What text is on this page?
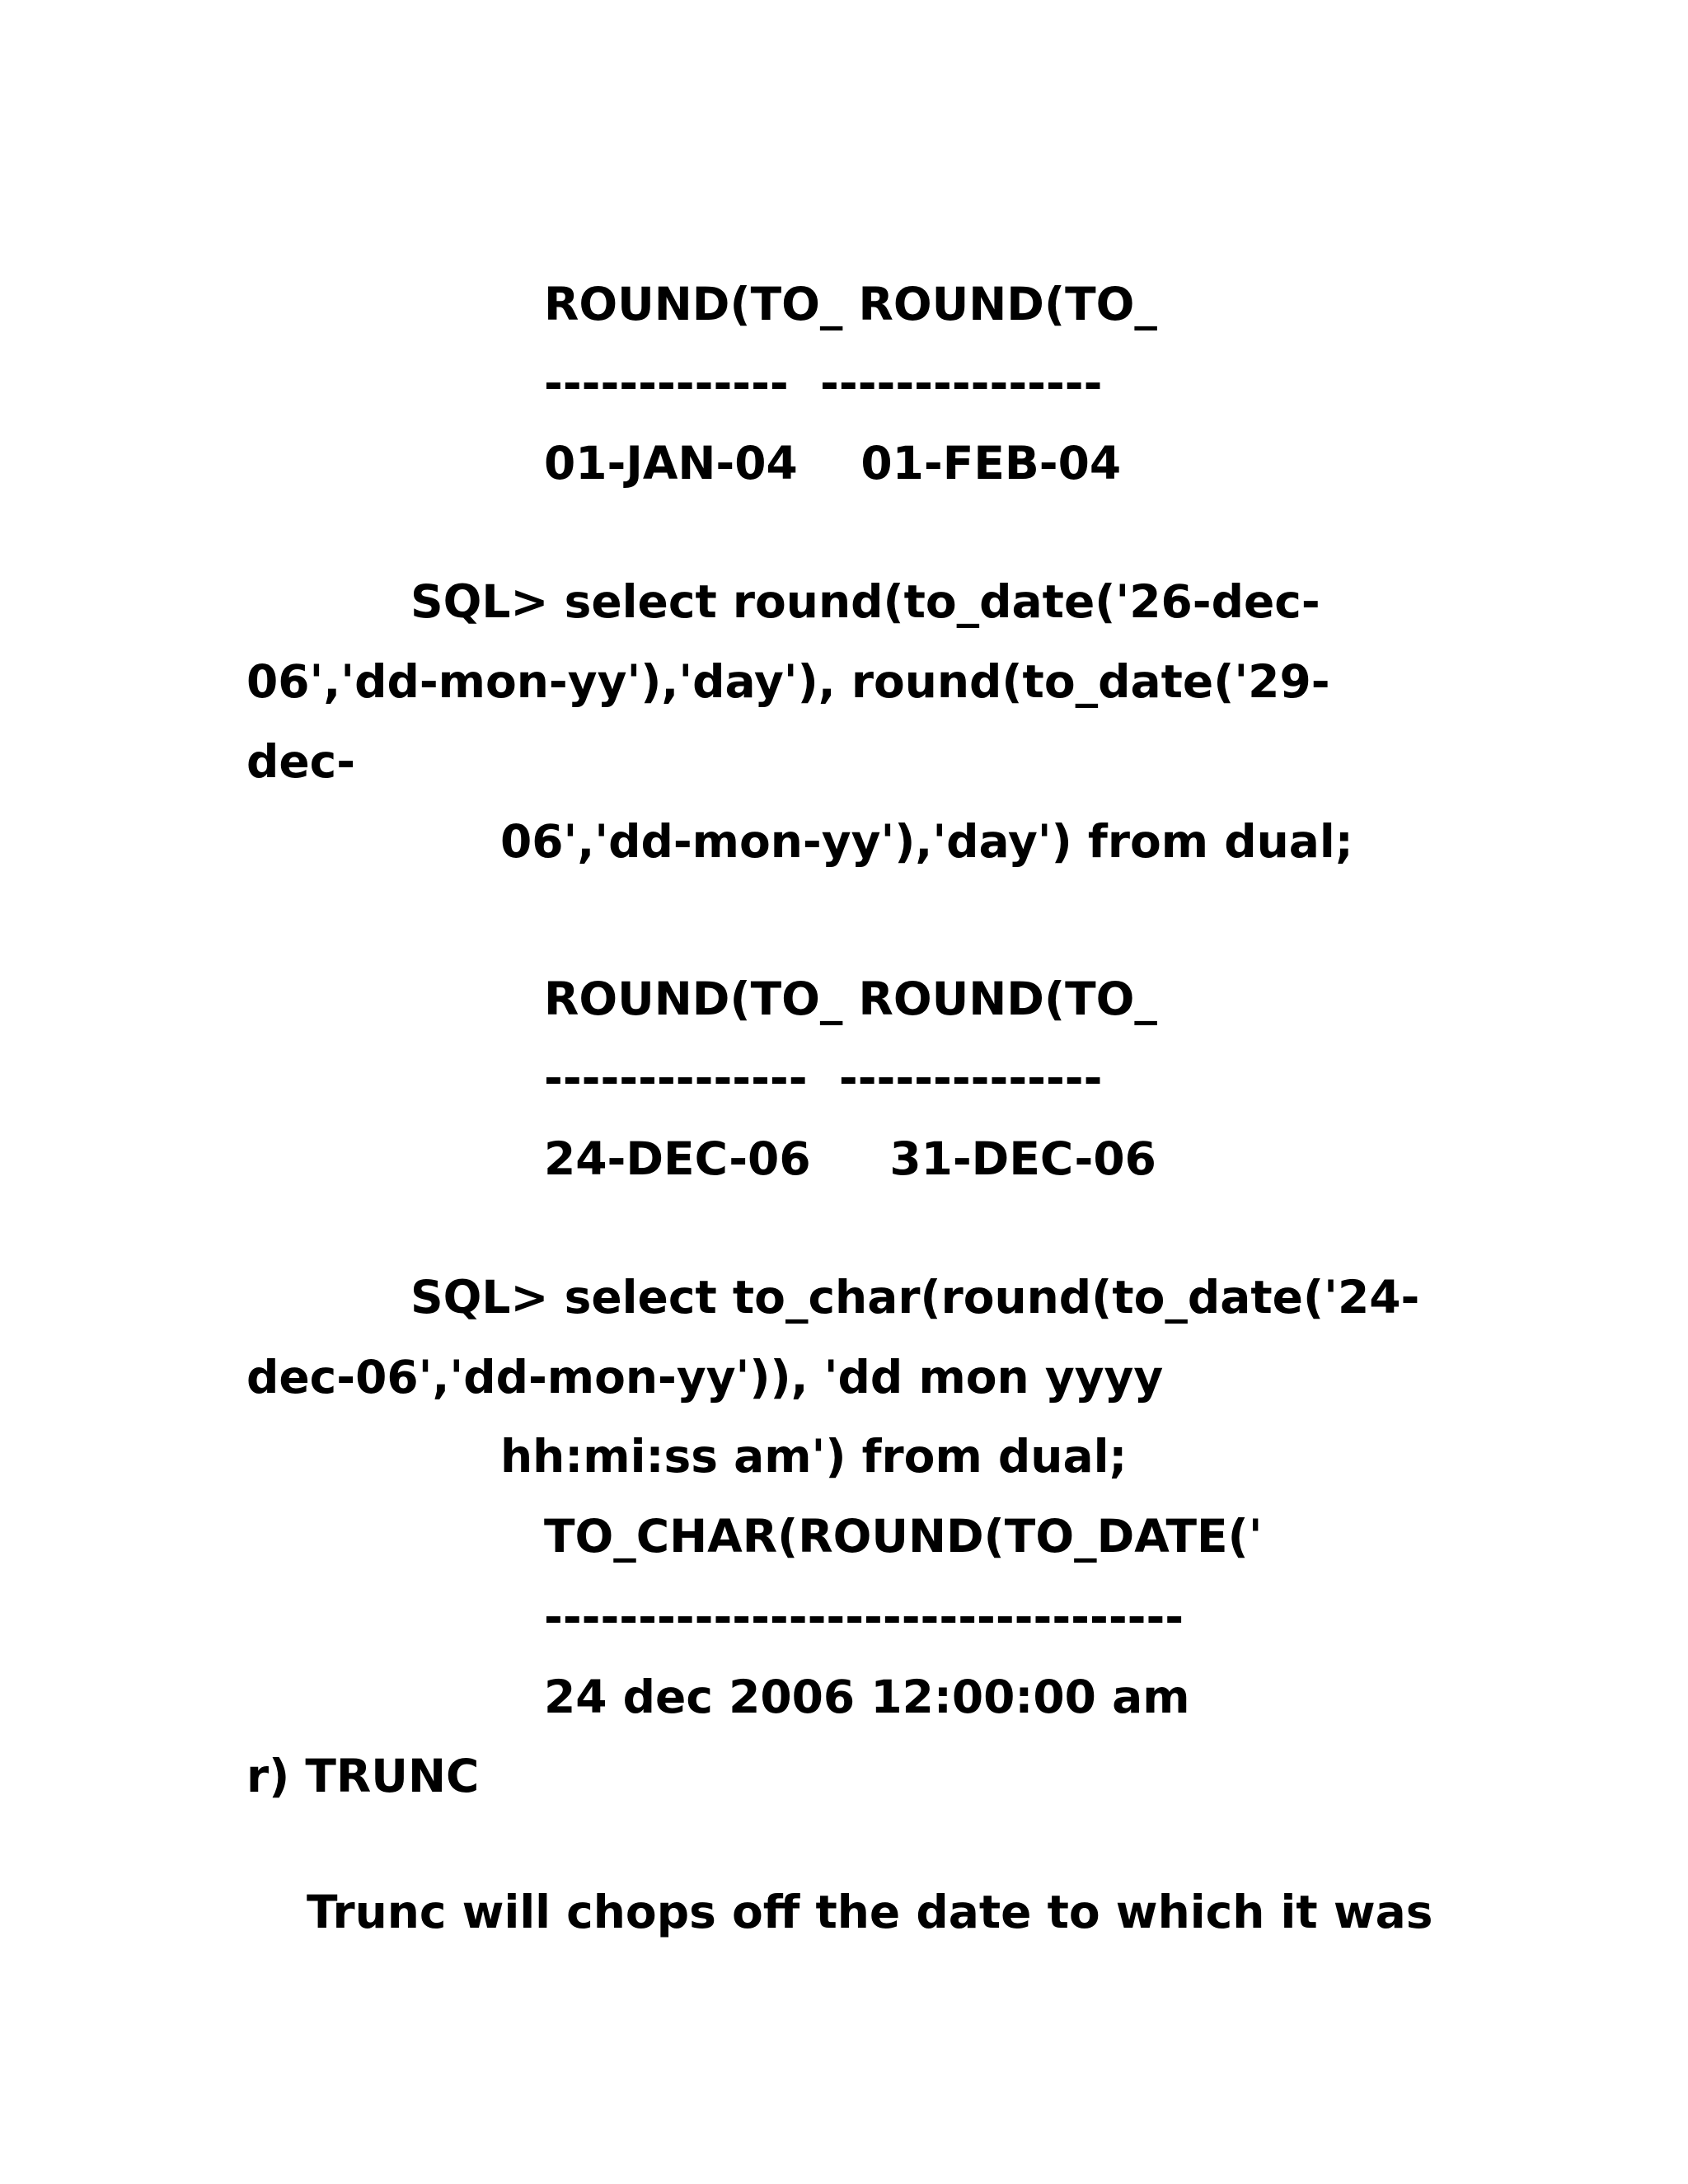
ROUND(TO_ ROUND(TO_
-------------  ---------------
01-JAN-04    01-FEB-04
SQL> select round(to_date('26-dec-
06','dd-mon-yy'),'day'), round(to_date('29-
dec-
06','dd-mon-yy'),'day') from dual;
ROUND(TO_ ROUND(TO_
--------------  --------------
24-DEC-06     31-DEC-06
SQL> select to_char(round(to_date('24-
dec-06','dd-mon-yy')), 'dd mon yyyy
hh:mi:ss am') from dual;
TO_CHAR(ROUND(TO_DATE('
----------------------------------
24 dec 2006 12:00:00 am
r) TRUNC
Trunc will chops off the date to which it was
